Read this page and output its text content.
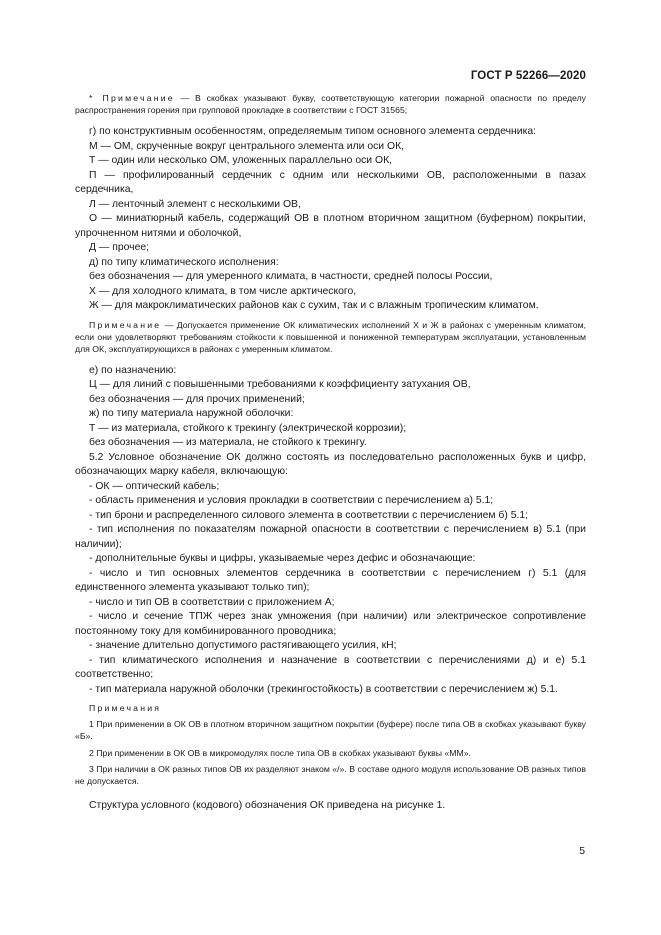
ГОСТ Р 52266—2020

* Примечание — В скобках указывают букву, соответствующую категории пожарной опасности по пределу распространения горения при групповой прокладке в соответствии с ГОСТ 31565;

г) по конструктивным особенностям, определяемым типом основного элемента сердечника:

М — ОМ, скрученные вокруг центрального элемента или оси ОК,

Т — один или несколько ОМ, уложенных параллельно оси ОК,

П — профилированный сердечник с одним или несколькими ОВ, расположенными в пазах сердечника,

Л — ленточный элемент с несколькими ОВ,

О — миниатюрный кабель, содержащий ОВ в плотном вторичном защитном (буферном) покрытии, упрочненном нитями и оболочкой,

Д — прочее;

д) по типу климатического исполнения:

без обозначения — для умеренного климата, в частности, средней полосы России,

Х — для холодного климата, в том числе арктического,

Ж — для макроклиматических районов как с сухим, так и с влажным тропическим климатом.

Примечание — Допускается применение ОК климатических исполнений Х и Ж в районах с умеренным климатом, если они удовлетворяют требованиям стойкости к повышенной и пониженной температурам эксплуатации, установленным для ОК, эксплуатирующихся в районах с умеренным климатом.

е) по назначению:

Ц — для линий с повышенными требованиями к коэффициенту затухания ОВ,

без обозначения — для прочих применений;

ж) по типу материала наружной оболочки:

Т — из материала, стойкого к трекингу (электрической коррозии);

без обозначения — из материала, не стойкого к трекингу.

5.2 Условное обозначение ОК должно состоять из последовательно расположенных букв и цифр, обозначающих марку кабеля, включающую:

- ОК — оптический кабель;

- область применения и условия прокладки в соответствии с перечислением а) 5.1;

- тип брони и распределенного силового элемента в соответствии с перечислением б) 5.1;

- тип исполнения по показателям пожарной опасности в соответствии с перечислением в) 5.1 (при наличии);

- дополнительные буквы и цифры, указываемые через дефис и обозначающие:

- число и тип основных элементов сердечника в соответствии с перечислением г) 5.1 (для единственного элемента указывают только тип);

- число и тип ОВ в соответствии с приложением А;

- число и сечение ТПЖ через знак умножения (при наличии) или электрическое сопротивление постоянному току для комбинированного проводника;

- значение длительно допустимого растягивающего усилия, кН;

- тип климатического исполнения и назначение в соответствии с перечислениями д) и е) 5.1 соответственно;

- тип материала наружной оболочки (трекингостойкость) в соответствии с перечислением ж) 5.1.

Примечания

1 При применении в ОК ОВ в плотном вторичном защитном покрытии (буфере) после типа ОВ в скобках указывают букву «Б».

2 При применении в ОК ОВ в микромодулях после типа ОВ в скобках указывают буквы «ММ».

3 При наличии в ОК разных типов ОВ их разделяют знаком «/». В составе одного модуля использование ОВ разных типов не допускается.

Структура условного (кодового) обозначения ОК приведена на рисунке 1.

5
